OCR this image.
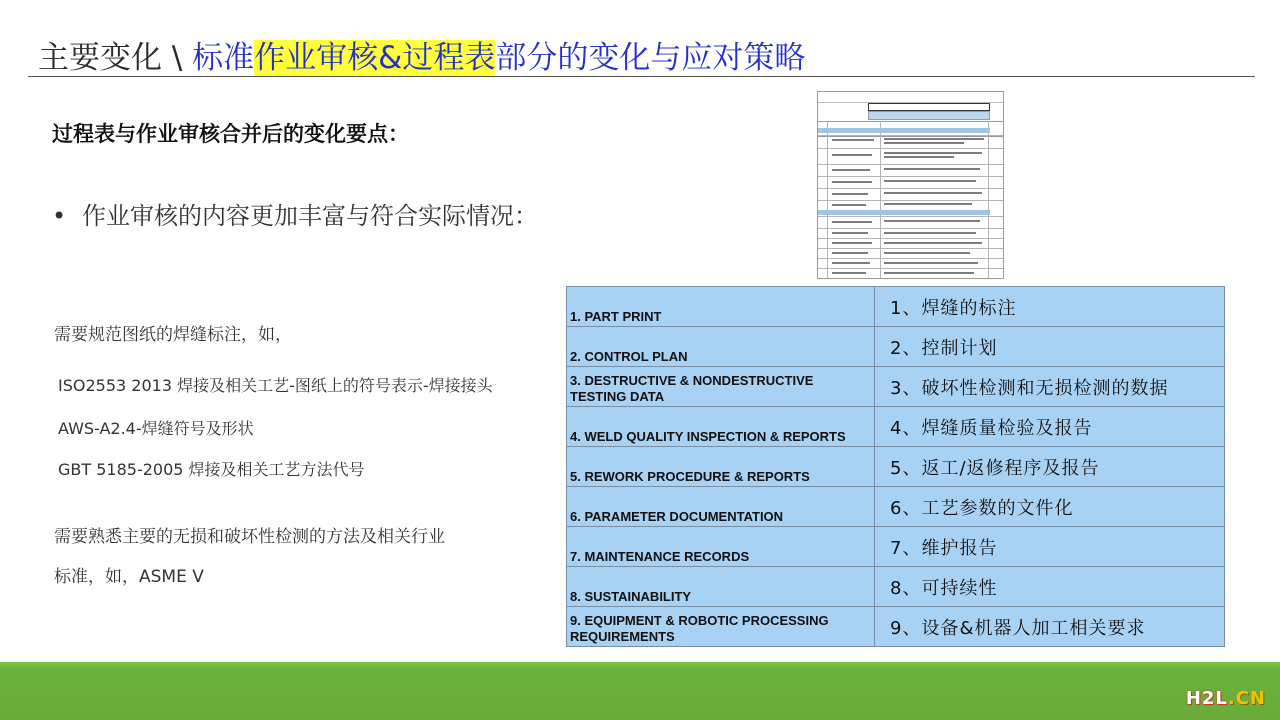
主要变化 \ 标准作业审核&过程表部分的变化与应对策略
过程表与作业审核合并后的变化要点：
• 作业审核的内容更加丰富与符合实际情况：
需要规范图纸的焊缝标注，如，
ISO2553 2013 焊接及相关工艺-图纸上的符号表示-焊接接头
AWS-A2.4-焊缝符号及形状
GBT 5185-2005 焊接及相关工艺方法代号
需要熟悉主要的无损和破坏性检测的方法及相关行业
标准，如，ASME V
1. PART PRINT	1、焊缝的标注
2. CONTROL PLAN	2、控制计划
3. DESTRUCTIVE & NONDESTRUCTIVE TESTING DATA	3、破坏性检测和无损检测的数据
4. WELD QUALITY INSPECTION & REPORTS	4、焊缝质量检验及报告
5. REWORK PROCEDURE & REPORTS	5、返工/返修程序及报告
6. PARAMETER DOCUMENTATION	6、工艺参数的文件化
7. MAINTENANCE RECORDS	7、维护报告
8. SUSTAINABILITY	8、可持续性
9. EQUIPMENT & ROBOTIC PROCESSING REQUIREMENTS	9、设备&机器人加工相关要求
H2L.CN
